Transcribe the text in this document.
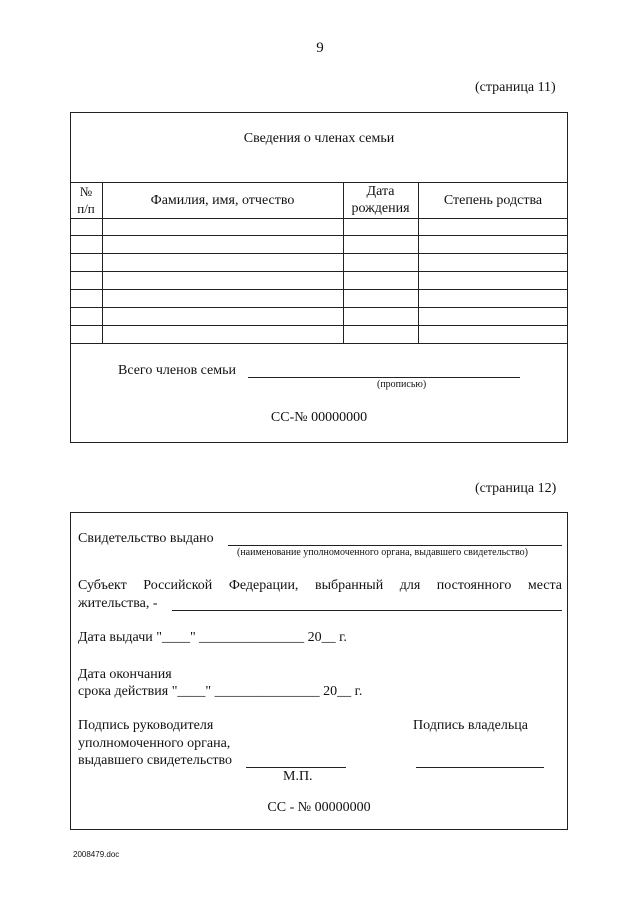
9
(страница 11)
Сведения о членах семьи
№
п/п
Фамилия, имя, отчество
Дата
рождения
Степень родства
Всего членов семьи
(прописью)
СС-№ 00000000
(страница 12)
Свидетельство выдано
(наименование уполномоченного органа, выдавшего свидетельство)
Субъект Российской Федерации, выбранный для постоянного места
жительства, -
Дата выдачи "____" _______________ 20__ г.
Дата окончания
срока действия "____" _______________ 20__ г.
Подпись руководителя
уполномоченного органа,
выдавшего свидетельство
М.П.
Подпись владельца
СС - № 00000000
2008479.doc
